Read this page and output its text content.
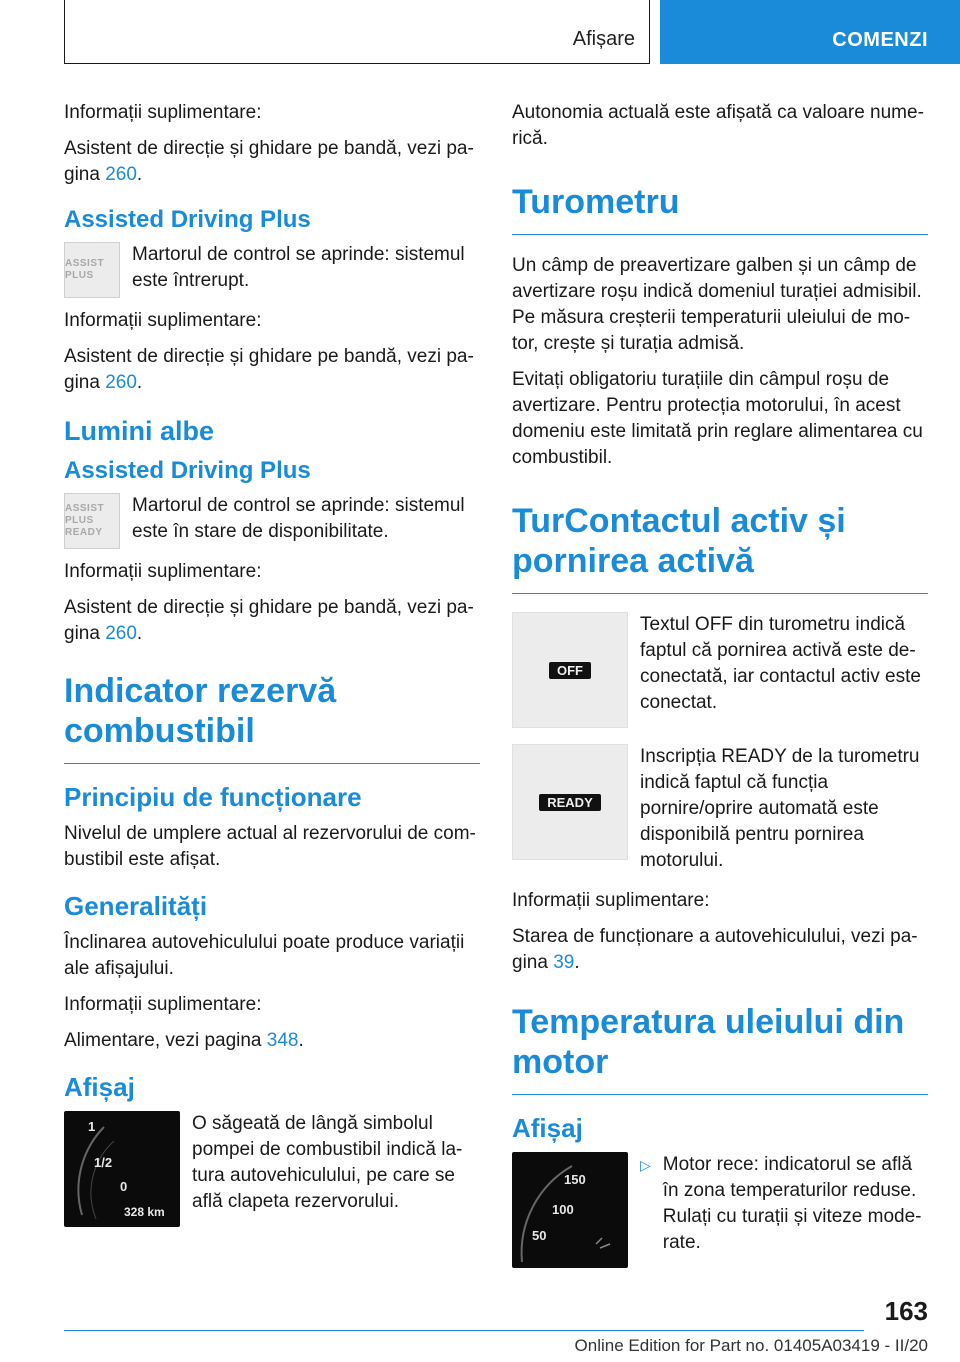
Afișare	COMENZI

Informații suplimentare:

Asistent de direcție și ghidare pe bandă, vezi pa-gina 260.

Assisted Driving Plus
ASSIST PLUS

Martorul de control se aprinde: sistemul este întrerupt.

Informații suplimentare:

Asistent de direcție și ghidare pe bandă, vezi pa-gina 260.

Lumini albe
Assisted Driving Plus
ASSIST PLUS READY

Martorul de control se aprinde: sistemul este în stare de disponibilitate.

Informații suplimentare:

Asistent de direcție și ghidare pe bandă, vezi pa-gina 260.

Indicator rezervă combustibil
Principiu de funcționare

Nivelul de umplere actual al rezervorului de com-bustibil este afișat.

Generalități

Înclinarea autovehiculului poate produce variații ale afișajului.

Informații suplimentare:

Alimentare, vezi pagina 348.

Afișaj
1
1/2
0
328 km

O săgeată de lângă simbolul pompei de combustibil indică la-tura autovehiculului, pe care se află clapeta rezervorului.

Autonomia actuală este afișată ca valoare nume-rică.

Turometru

Un câmp de preavertizare galben și un câmp de avertizare roșu indică domeniul turației admisibil. Pe măsura creșterii temperaturii uleiului de mo-tor, crește și turația admisă.

Evitați obligatoriu turațiile din câmpul roșu de avertizare. Pentru protecția motorului, în acest domeniu este limitată prin reglare alimentarea cu combustibil.

TurContactul activ și pornirea activă
OFF

Textul OFF din turometru indică faptul că pornirea activă este de-conectată, iar contactul activ este conectat.

READY

Inscripția READY de la turometru indică faptul că funcția pornire/oprire automată este disponibilă pentru pornirea motorului.

Informații suplimentare:

Starea de funcționare a autovehiculului, vezi pa-gina 39.

Temperatura uleiului din motor
Afișaj
150
100
50
▷ Motor rece: indicatorul se află în zona temperaturilor reduse. Rulați cu turații și viteze mode-rate.

163
Online Edition for Part no. 01405A03419 - II/20
